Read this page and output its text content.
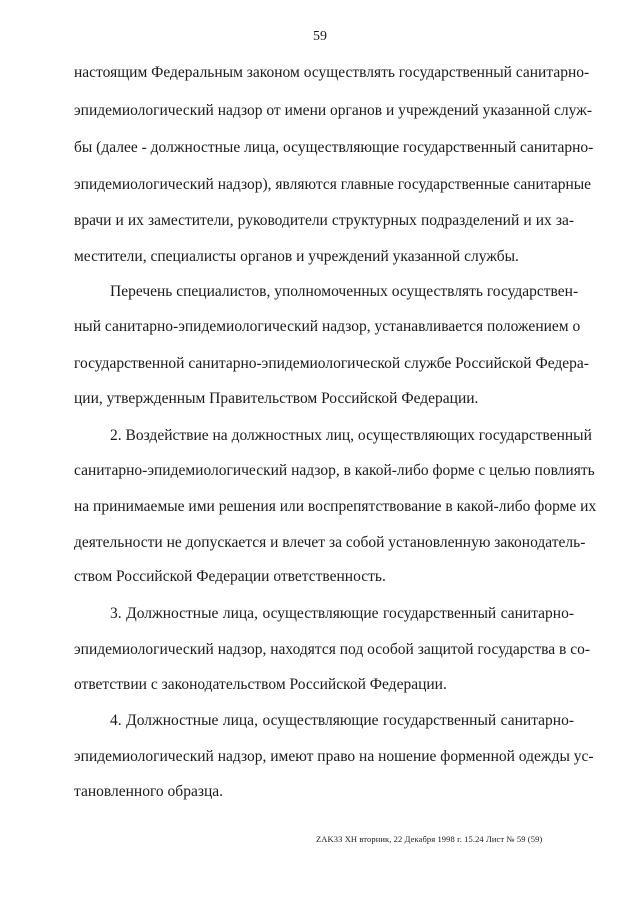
59
настоящим Федеральным законом осуществлять государственный санитарно-
эпидемиологический надзор от имени органов и учреждений указанной служ-
бы (далее - должностные лица, осуществляющие государственный санитарно-
эпидемиологический надзор), являются главные государственные санитарные
врачи и их заместители, руководители структурных подразделений и их за-
местители, специалисты органов и учреждений указанной службы.
Перечень специалистов, уполномоченных осуществлять государствен-
ный санитарно-эпидемиологический надзор, устанавливается положением о
государственной санитарно-эпидемиологической службе Российской Федера-
ции, утвержденным Правительством Российской Федерации.
2. Воздействие на должностных лиц, осуществляющих государственный
санитарно-эпидемиологический надзор, в какой-либо форме с целью повлиять
на принимаемые ими решения или воспрепятствование в какой-либо форме их
деятельности не допускается и влечет за собой установленную законодатель-
ством Российской Федерации ответственность.
3. Должностные лица, осуществляющие государственный санитарно-
эпидемиологический надзор, находятся под особой защитой государства в со-
ответствии с законодательством Российской Федерации.
4. Должностные лица, осуществляющие государственный санитарно-
эпидемиологический надзор, имеют право на ношение форменной одежды ус-
тановленного образца.
ZAK33 XH вторник, 22 Декабря 1998 г. 15.24 Лист № 59 (59)
